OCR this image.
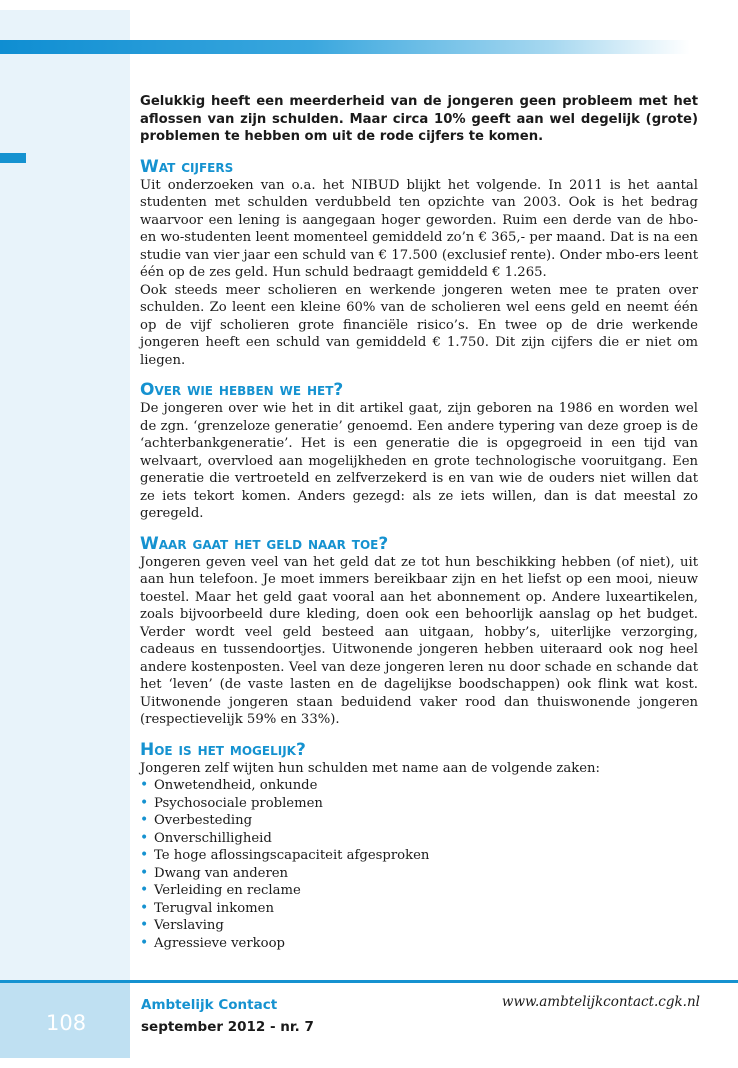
Gelukkig heeft een meerderheid van de jongeren geen probleem met het aflossen van zijn schulden. Maar circa 10% geeft aan wel degelijk (grote) problemen te hebben om uit de rode cijfers te komen.

Wat cijfers

Uit onderzoeken van o.a. het NIBUD blijkt het volgende. In 2011 is het aantal studenten met schulden verdubbeld ten opzichte van 2003. Ook is het bedrag waarvoor een lening is aangegaan hoger geworden. Ruim een derde van de hbo- en wo-studenten leent momenteel gemiddeld zo’n € 365,- per maand. Dat is na een studie van vier jaar een schuld van € 17.500 (exclusief rente). Onder mbo-ers leent één op de zes geld. Hun schuld bedraagt gemiddeld € 1.265.

Ook steeds meer scholieren en werkende jongeren weten mee te praten over schulden. Zo leent een kleine 60% van de scholieren wel eens geld en neemt één op de vijf scholieren grote financiële risico’s. En twee op de drie werkende jongeren heeft een schuld van gemiddeld € 1.750. Dit zijn cijfers die er niet om liegen.

Over wie hebben we het?

De jongeren over wie het in dit artikel gaat, zijn geboren na 1986 en worden wel de zgn. ‘grenzeloze generatie’ genoemd. Een andere typering van deze groep is de ‘achterbankgeneratie’. Het is een generatie die is opgegroeid in een tijd van welvaart, overvloed aan mogelijkheden en grote technologische vooruitgang. Een generatie die vertroeteld en zelfverzekerd is en van wie de ouders niet willen dat ze iets tekort komen. Anders gezegd: als ze iets willen, dan is dat meestal zo geregeld.

Waar gaat het geld naar toe?

Jongeren geven veel van het geld dat ze tot hun beschikking hebben (of niet), uit aan hun telefoon. Je moet immers bereikbaar zijn en het liefst op een mooi, nieuw toestel. Maar het geld gaat vooral aan het abonnement op. Andere luxeartikelen, zoals bijvoorbeeld dure kleding, doen ook een behoorlijk aanslag op het budget. Verder wordt veel geld besteed aan uitgaan, hobby’s, uiterlijke verzorging, cadeaus en tussendoortjes. Uitwonende jongeren hebben uiteraard ook nog heel andere kostenposten. Veel van deze jongeren leren nu door schade en schande dat het ‘leven’ (de vaste lasten en de dagelijkse boodschappen) ook flink wat kost. Uitwonende jongeren staan beduidend vaker rood dan thuiswonende jongeren (respectievelijk 59% en 33%).

Hoe is het mogelijk?

Jongeren zelf wijten hun schulden met name aan de volgende zaken:

• Onwetendheid, onkunde
• Psychosociale problemen
• Overbesteding
• Onverschilligheid
• Te hoge aflossingscapaciteit afgesproken
• Dwang van anderen
• Verleiding en reclame
• Terugval inkomen
• Verslaving
• Agressieve verkoop
108
Ambtelijk Contact
september 2012 - nr. 7
www.ambtelijkcontact.cgk.nl
